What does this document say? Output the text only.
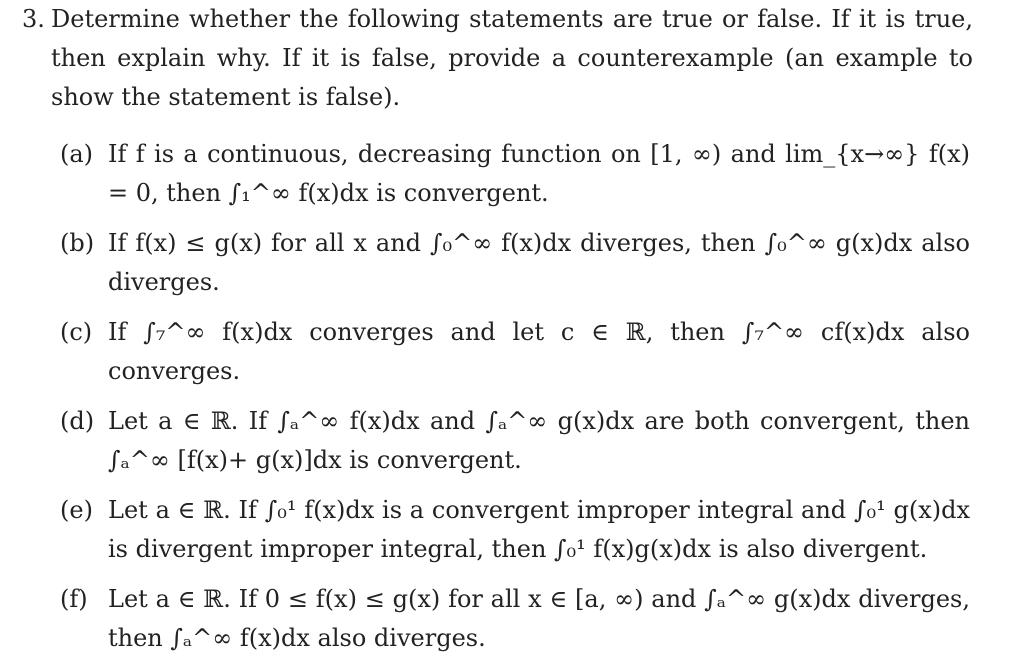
3. Determine whether the following statements are true or false. If it is true, then explain why. If it is false, provide a counterexample (an example to show the statement is false).
(a) If f is a continuous, decreasing function on [1, ∞) and lim_{x→∞} f(x) = 0, then ∫₁^∞ f(x)dx is convergent.
(b) If f(x) ≤ g(x) for all x and ∫₀^∞ f(x)dx diverges, then ∫₀^∞ g(x)dx also diverges.
(c) If ∫₇^∞ f(x)dx converges and let c ∈ ℝ, then ∫₇^∞ cf(x)dx also converges.
(d) Let a ∈ ℝ. If ∫ₐ^∞ f(x)dx and ∫ₐ^∞ g(x)dx are both convergent, then ∫ₐ^∞ [f(x)+ g(x)]dx is convergent.
(e) Let a ∈ ℝ. If ∫₀¹ f(x)dx is a convergent improper integral and ∫₀¹ g(x)dx is divergent improper integral, then ∫₀¹ f(x)g(x)dx is also divergent.
(f) Let a ∈ ℝ. If 0 ≤ f(x) ≤ g(x) for all x ∈ [a, ∞) and ∫ₐ^∞ g(x)dx diverges, then ∫ₐ^∞ f(x)dx also diverges.
